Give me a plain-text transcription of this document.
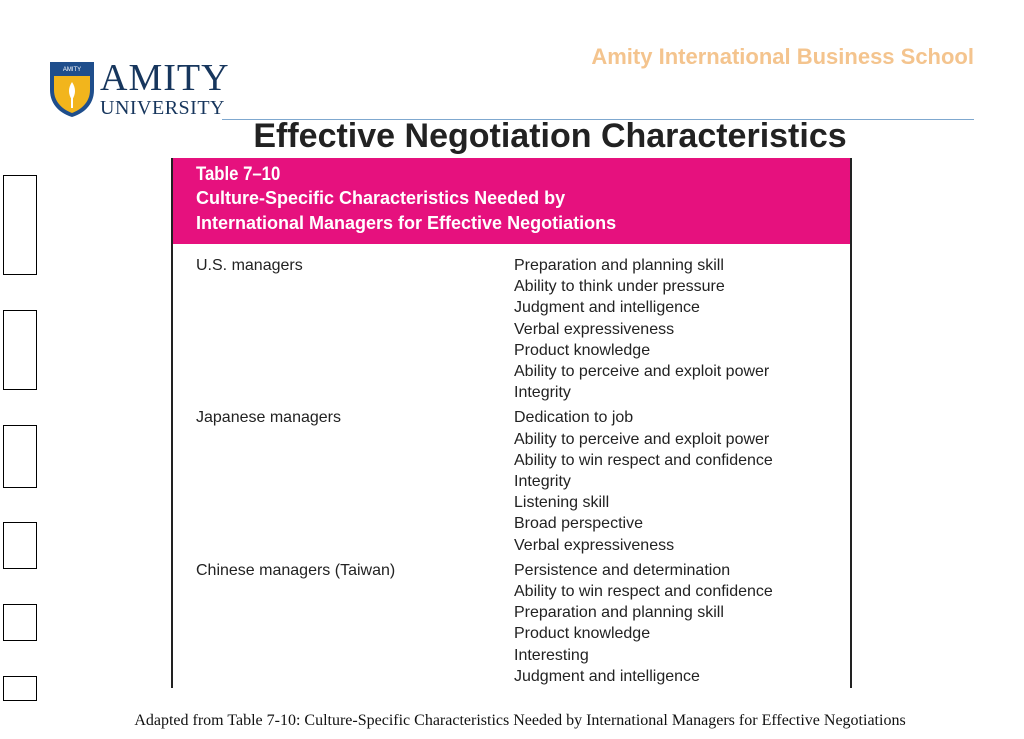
AMITY AMITY
UNIVERSITY
Amity International Business School
Effective Negotiation Characteristics
Table 7–10
Culture-Specific Characteristics Needed by
International Managers for Effective Negotiations
U.S. managers	Preparation and planning skill
Ability to think under pressure
Judgment and intelligence
Verbal expressiveness
Product knowledge
Ability to perceive and exploit power
Integrity
Japanese managers	Dedication to job
Ability to perceive and exploit power
Ability to win respect and confidence
Integrity
Listening skill
Broad perspective
Verbal expressiveness
Chinese managers (Taiwan)	Persistence and determination
Ability to win respect and confidence
Preparation and planning skill
Product knowledge
Interesting
Judgment and intelligence
Adapted from Table 7-10: Culture-Specific Characteristics Needed by International Managers for Effective Negotiations
